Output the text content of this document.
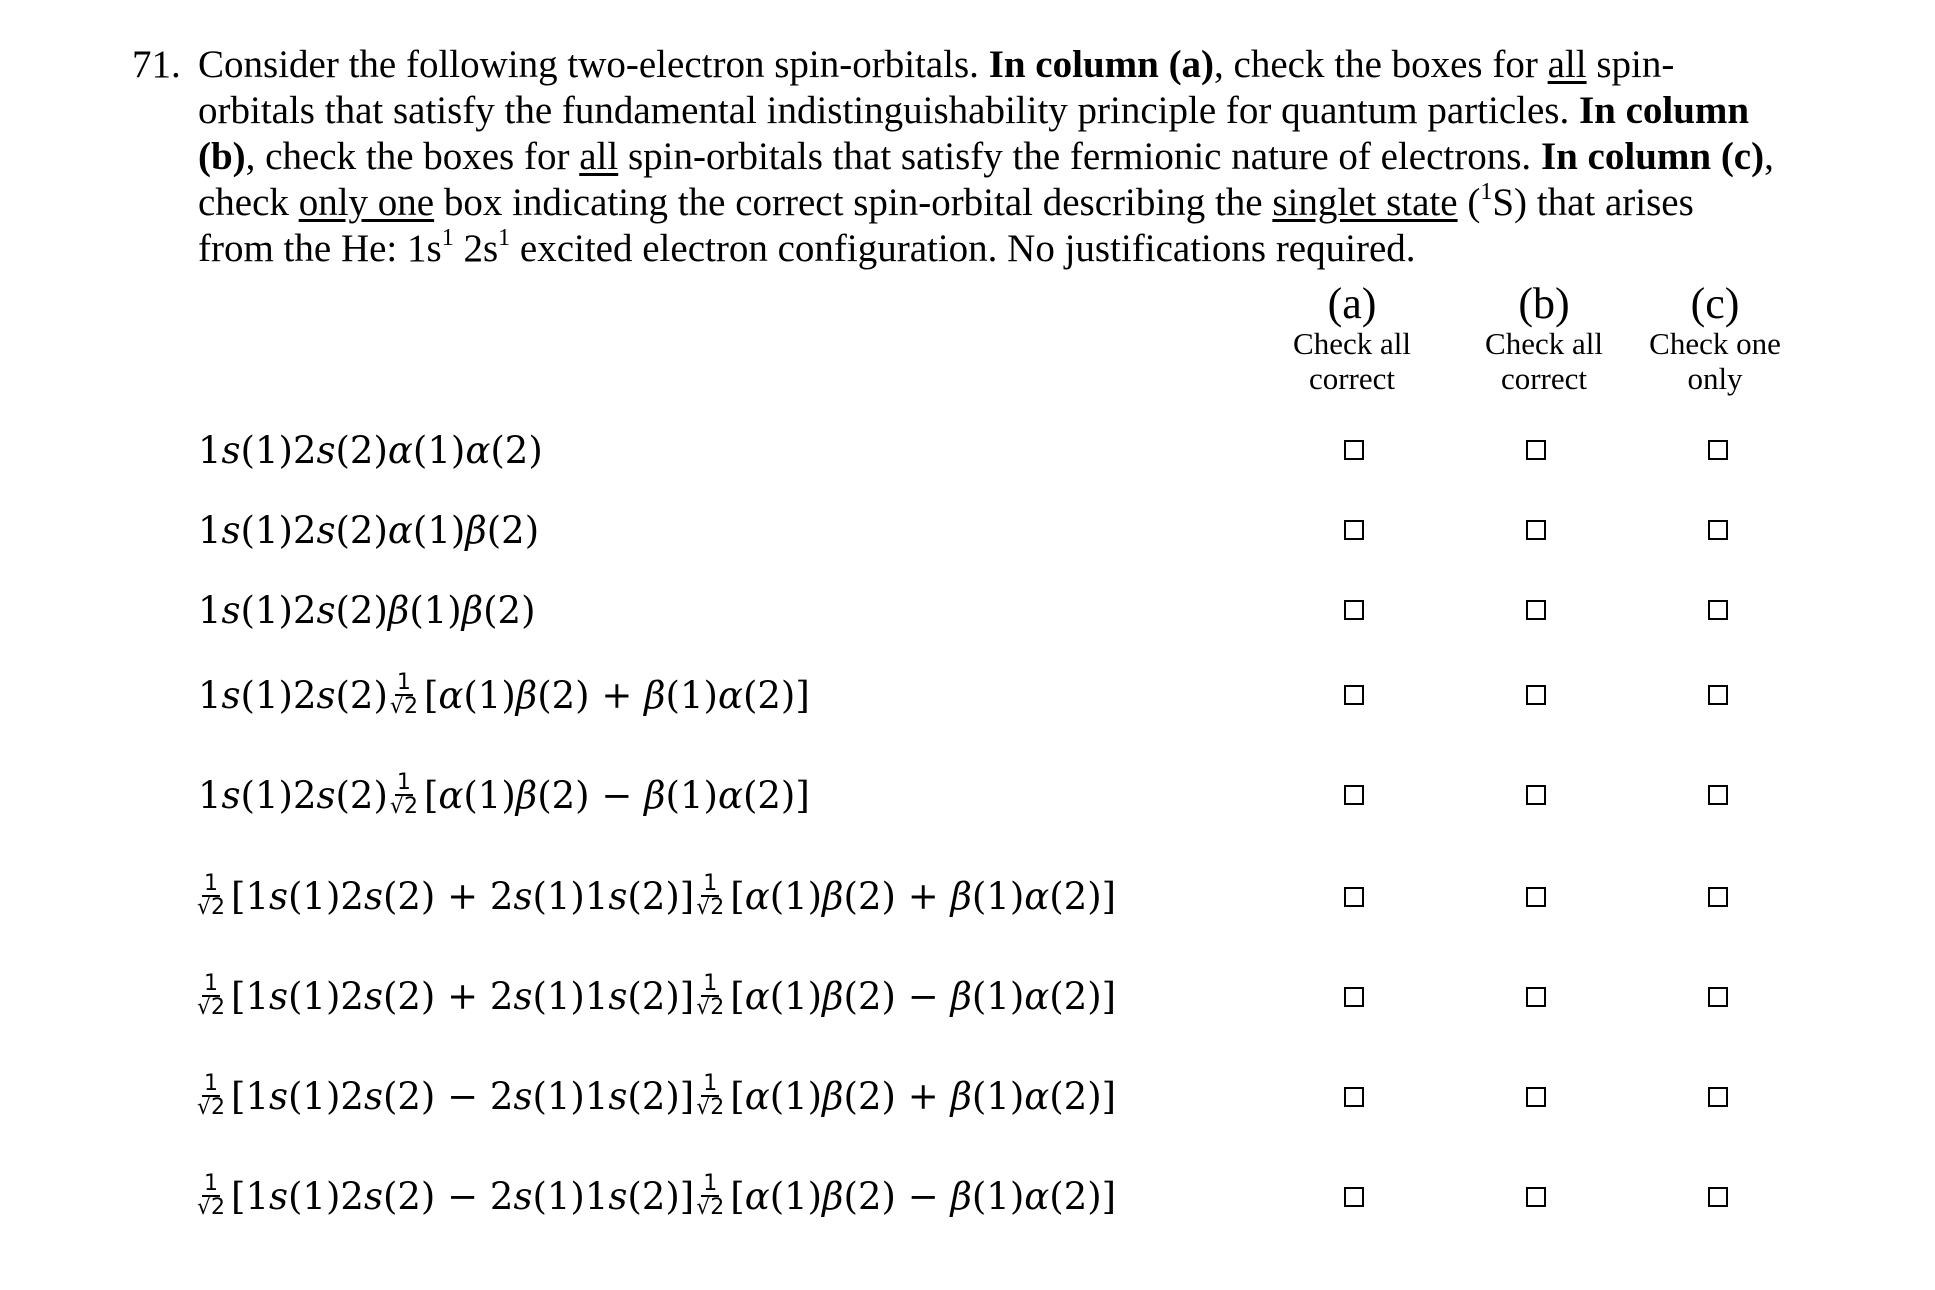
71. Consider the following two-electron spin-orbitals. In column (a), check the boxes for all spin-
orbitals that satisfy the fundamental indistinguishability principle for quantum particles. In column
(b), check the boxes for all spin-orbitals that satisfy the fermionic nature of electrons. In column (c),
check only one box indicating the correct spin-orbital describing the singlet state ($^1$S) that arises
from the He: $1s^1$ $2s^1$ excited electron configuration. No justifications required.
(a)
Check all
correct
(b)
Check all
correct
(c)
Check one
only
1 s (1)2 s (2) α (1) α (2)
1 s (1)2 s (2) α (1) β (2)
1 s (1)2 s (2) β (1) β (2)
1 s (1)2 s $(2) \frac{1}{√2}$ [ α (1) β (2) + β (1) α (2)]
1 s (1)2 s $(2) \frac{1}{√2}$ [ α (1) β (2) − β (1) α (2)]
$\frac{1}{√2} [1$ s (1)2 s (2) + 2 s (1)1 s $(2)] \frac{1}{√2}$ [ α (1) β (2) + β (1) α (2)]
$\frac{1}{√2} [1$ s (1)2 s (2) + 2 s (1)1 s $(2)] \frac{1}{√2}$ [ α (1) β (2) − β (1) α (2)]
$\frac{1}{√2} [1$ s (1)2 s (2) − 2 s (1)1 s $(2)] \frac{1}{√2}$ [ α (1) β (2) + β (1) α (2)]
$\frac{1}{√2} [1$ s (1)2 s (2) − 2 s (1)1 s $(2)] \frac{1}{√2}$ [ α (1) β (2) − β (1) α (2)]
